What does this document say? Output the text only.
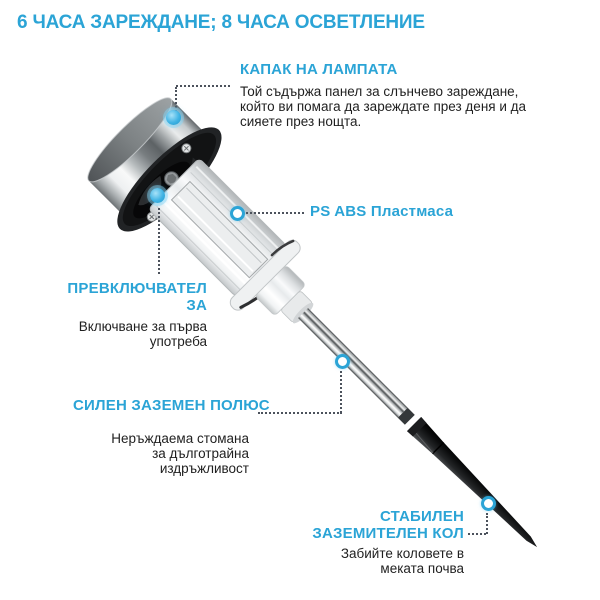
6 ЧАСА ЗАРЕЖДАНЕ; 8 ЧАСА ОСВЕТЛЕНИЕ
КАПАК НА ЛАМПАТА
Той съдържа панел за слънчево зареждане,
който ви помага да зареждате през деня и да
сияете през нощта.
PS ABS Пластмаса
ПРЕВКЛЮЧВАТЕЛ
ЗА
Включване за първа
употреба
СИЛЕН ЗАЗЕМЕН ПОЛЮС
Неръждаема стомана
за дълготрайна
издръжливост
СТАБИЛЕН
ЗАЗЕМИТЕЛЕН КОЛ
Забийте коловете в
меката почва
